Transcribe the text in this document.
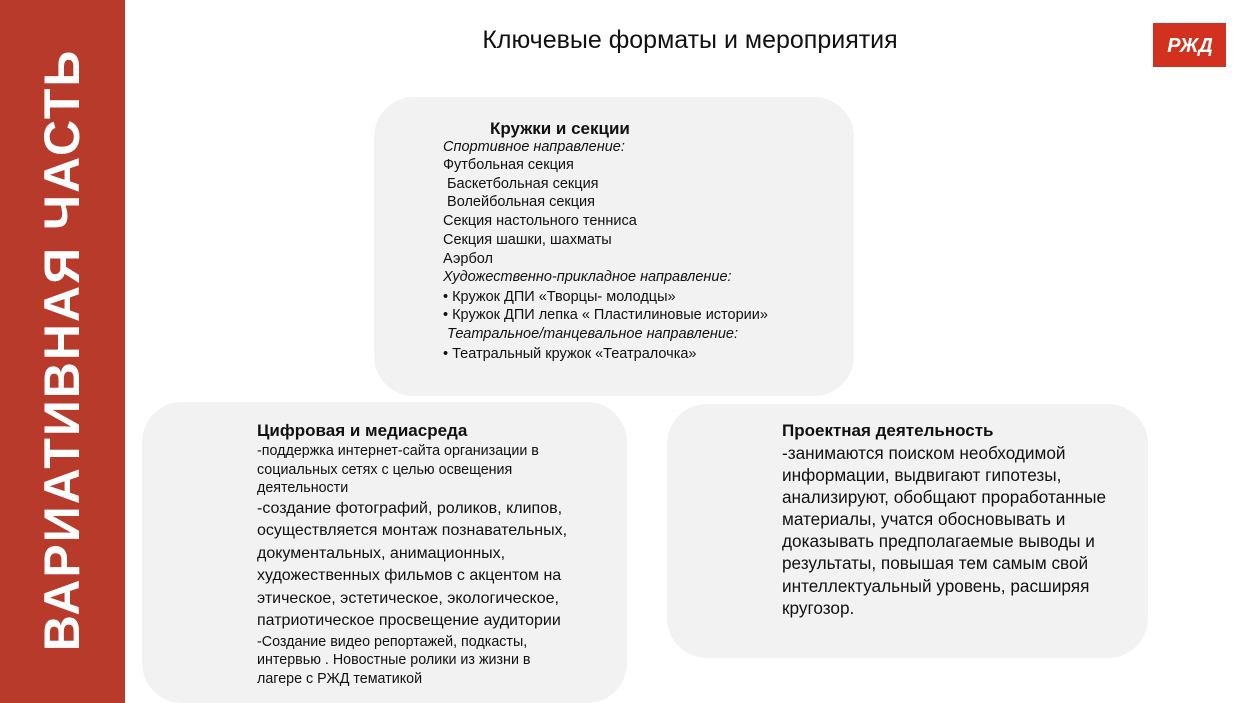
ВАРИАТИВНАЯ ЧАСТЬ
Ключевые форматы и мероприятия	РЖД
Кружки и секции
Спортивное направление:
Футбольная секция
Баскетбольная секция
Волейбольная секция
Секция настольного тенниса
Секция шашки, шахматы
Аэрбол
Художественно-прикладное направление:
• Кружок ДПИ «Творцы- молодцы»
• Кружок ДПИ лепка « Пластилиновые истории»
Театральное/танцевальное направление:
• Театральный кружок «Театралочка»
Цифровая и медиасреда
-поддержка интернет-сайта организации в
социальных сетях с целью освещения
деятельности
-создание фотографий, роликов, клипов,
осуществляется монтаж познавательных,
документальных, анимационных,
художественных фильмов с акцентом на
этическое, эстетическое, экологическое,
патриотическое просвещение аудитории
-Создание видео репортажей, подкасты,
интервью . Новостные ролики из жизни в
лагере с РЖД тематикой
Проектная деятельность
-занимаются поиском необходимой
информации, выдвигают гипотезы,
анализируют, обобщают проработанные
материалы, учатся обосновывать и
доказывать предполагаемые выводы и
результаты, повышая тем самым свой
интеллектуальный уровень, расширяя
кругозор.
